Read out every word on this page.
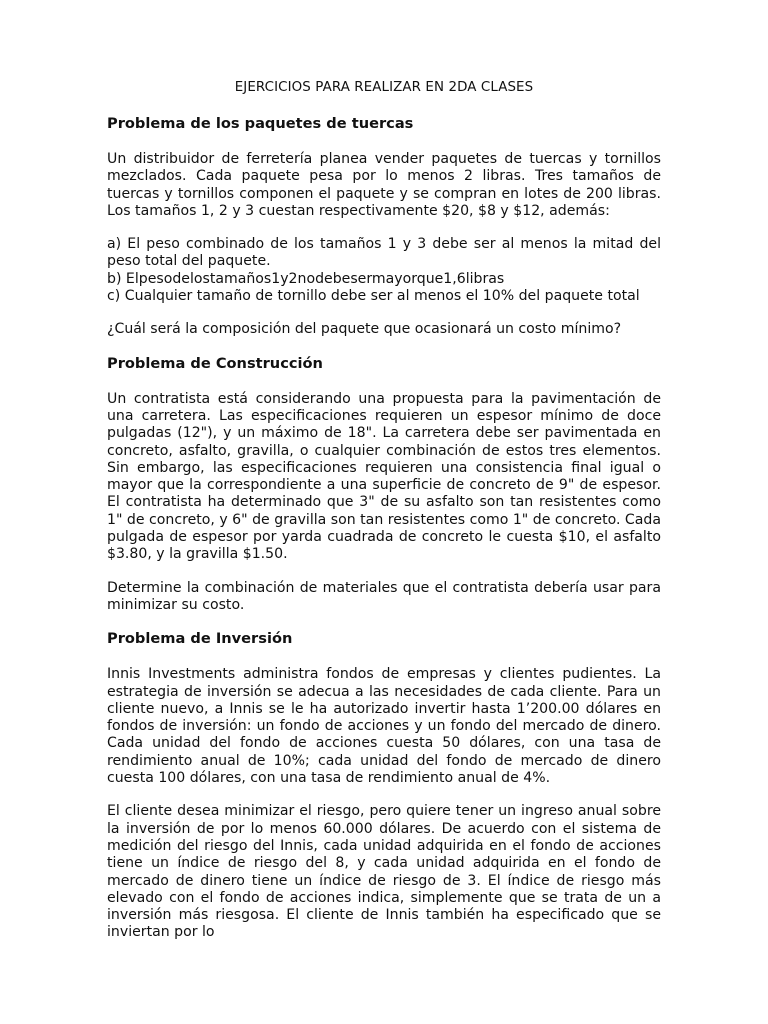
EJERCICIOS PARA REALIZAR EN 2DA CLASES
Problema de los paquetes de tuercas

Un distribuidor de ferretería planea vender paquetes de tuercas y tornillos mezclados. Cada paquete pesa por lo menos 2 libras. Tres tamaños de tuercas y tornillos componen el paquete y se compran en lotes de 200 libras. Los tamaños 1, 2 y 3 cuestan respectivamente $20, $8 y $12, además:

a) El peso combinado de los tamaños 1 y 3 debe ser al menos la mitad del peso total del paquete.
b) Elpesodelostamaños1y2nodebesermayorque1,6libras
c) Cualquier tamaño de tornillo debe ser al menos el 10% del paquete total

¿Cuál será la composición del paquete que ocasionará un costo mínimo?

Problema de Construcción

Un contratista está considerando una propuesta para la pavimentación de una carretera. Las especificaciones requieren un espesor mínimo de doce pulgadas (12"), y un máximo de 18". La carretera debe ser pavimentada en concreto, asfalto, gravilla, o cualquier combinación de estos tres elementos. Sin embargo, las especificaciones requieren una consistencia final igual o mayor que la correspondiente a una superficie de concreto de 9" de espesor. El contratista ha determinado que 3" de su asfalto son tan resistentes como 1" de concreto, y 6" de gravilla son tan resistentes como 1" de concreto. Cada pulgada de espesor por yarda cuadrada de concreto le cuesta $10, el asfalto $3.80, y la gravilla $1.50.

Determine la combinación de materiales que el contratista debería usar para minimizar su costo.

Problema de Inversión

Innis Investments administra fondos de empresas y clientes pudientes. La estrategia de inversión se adecua a las necesidades de cada cliente. Para un cliente nuevo, a Innis se le ha autorizado invertir hasta 1’200.00 dólares en fondos de inversión: un fondo de acciones y un fondo del mercado de dinero. Cada unidad del fondo de acciones cuesta 50 dólares, con una tasa de rendimiento anual de 10%; cada unidad del fondo de mercado de dinero cuesta 100 dólares, con una tasa de rendimiento anual de 4%.

El cliente desea minimizar el riesgo, pero quiere tener un ingreso anual sobre la inversión de por lo menos 60.000 dólares. De acuerdo con el sistema de medición del riesgo del Innis, cada unidad adquirida en el fondo de acciones tiene un índice de riesgo del 8, y cada unidad adquirida en el fondo de mercado de dinero tiene un índice de riesgo de 3. El índice de riesgo más elevado con el fondo de acciones indica, simplemente que se trata de un a inversión más riesgosa. El cliente de Innis también ha especificado que se inviertan por lo
